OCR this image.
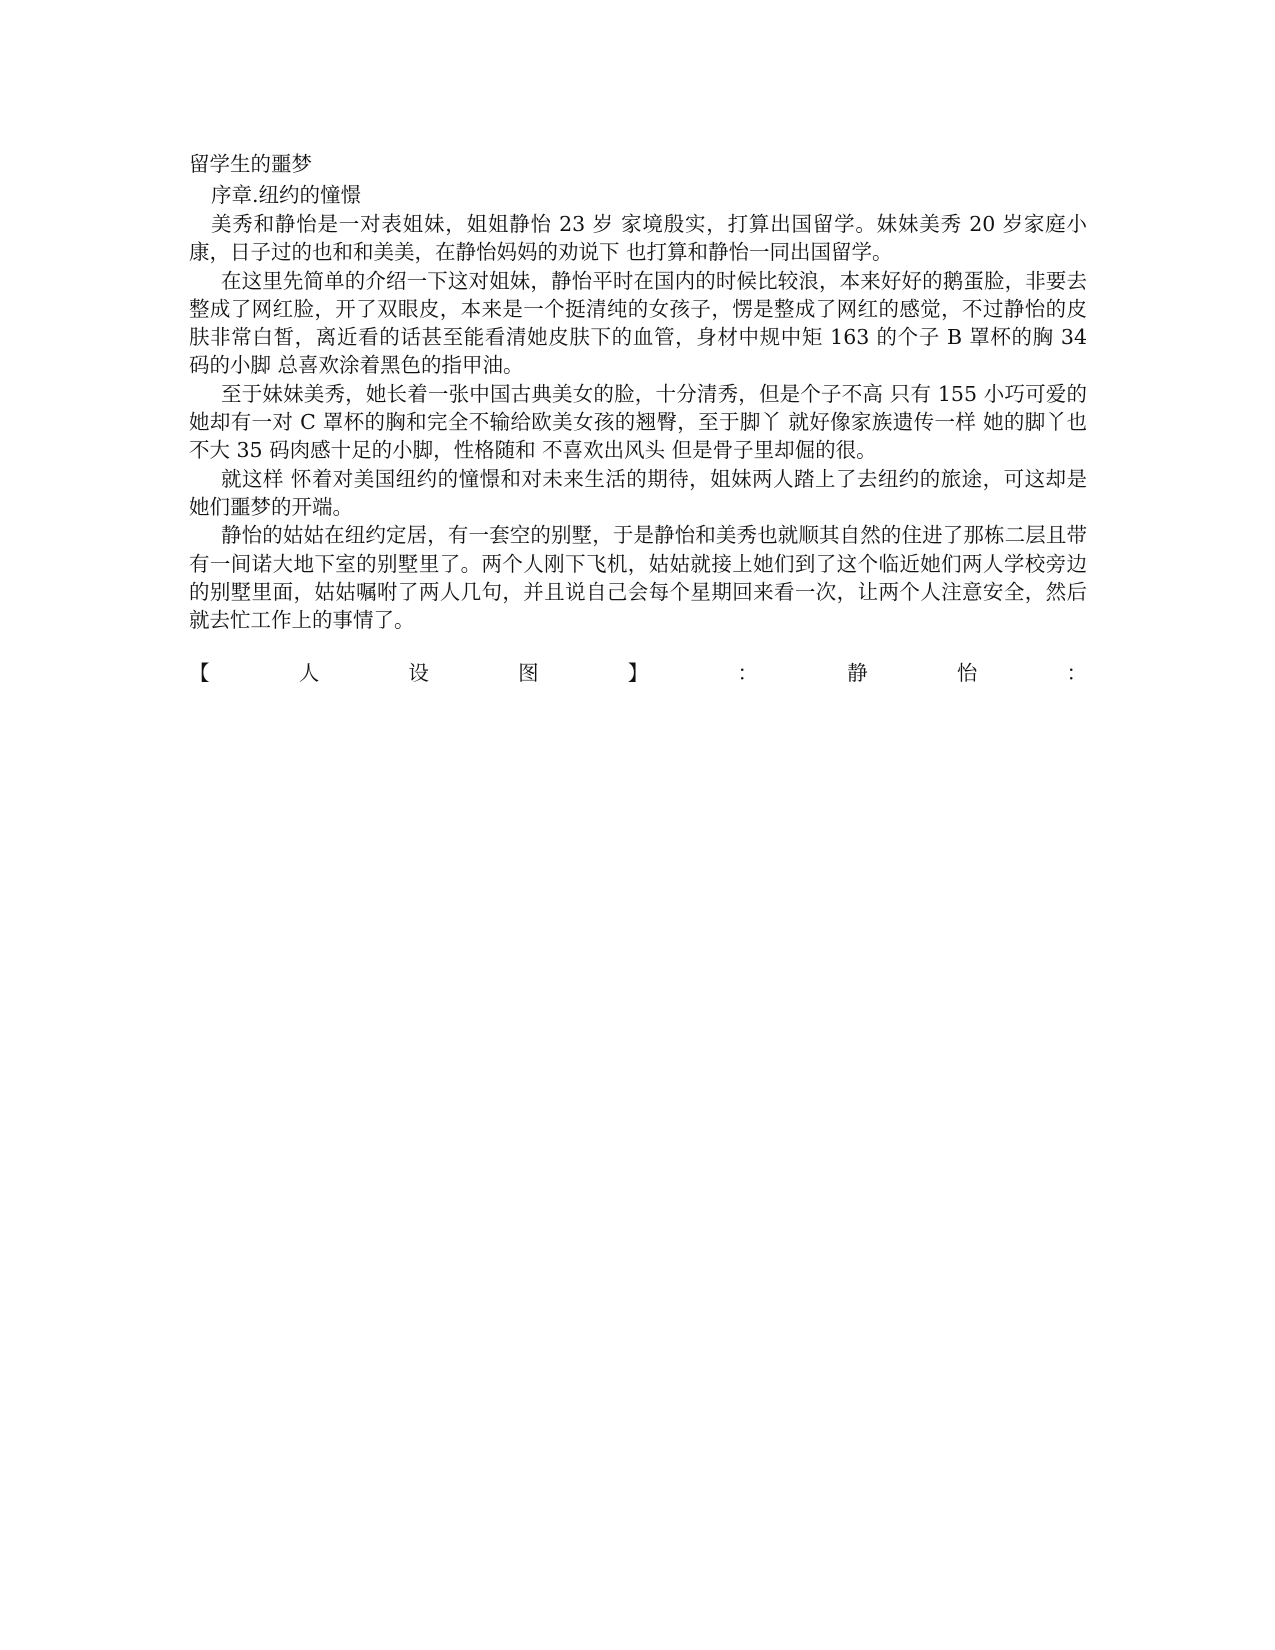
留学生的噩梦

序章.纽约的憧憬

美秀和静怡是一对表姐妹，姐姐静怡 23 岁 家境殷实，打算出国留学。妹妹美秀 20 岁家庭小康，日子过的也和和美美，在静怡妈妈的劝说下 也打算和静怡一同出国留学。

在这里先简单的介绍一下这对姐妹，静怡平时在国内的时候比较浪，本来好好的鹅蛋脸，非要去整成了网红脸，开了双眼皮，本来是一个挺清纯的女孩子，愣是整成了网红的感觉，不过静怡的皮肤非常白皙，离近看的话甚至能看清她皮肤下的血管，身材中规中矩 163 的个子 B 罩杯的胸 34 码的小脚 总喜欢涂着黑色的指甲油。

至于妹妹美秀，她长着一张中国古典美女的脸，十分清秀，但是个子不高 只有 155 小巧可爱的她却有一对 C 罩杯的胸和完全不输给欧美女孩的翘臀，至于脚丫 就好像家族遗传一样 她的脚丫也不大 35 码肉感十足的小脚，性格随和 不喜欢出风头 但是骨子里却倔的很。

就这样 怀着对美国纽约的憧憬和对未来生活的期待，姐妹两人踏上了去纽约的旅途，可这却是她们噩梦的开端。

静怡的姑姑在纽约定居，有一套空的别墅，于是静怡和美秀也就顺其自然的住进了那栋二层且带有一间诺大地下室的别墅里了。两个人刚下飞机，姑姑就接上她们到了这个临近她们两人学校旁边的别墅里面，姑姑嘱咐了两人几句，并且说自己会每个星期回来看一次，让两个人注意安全，然后就去忙工作上的事情了。

【	人	设	图	】	：	静	怡	：
